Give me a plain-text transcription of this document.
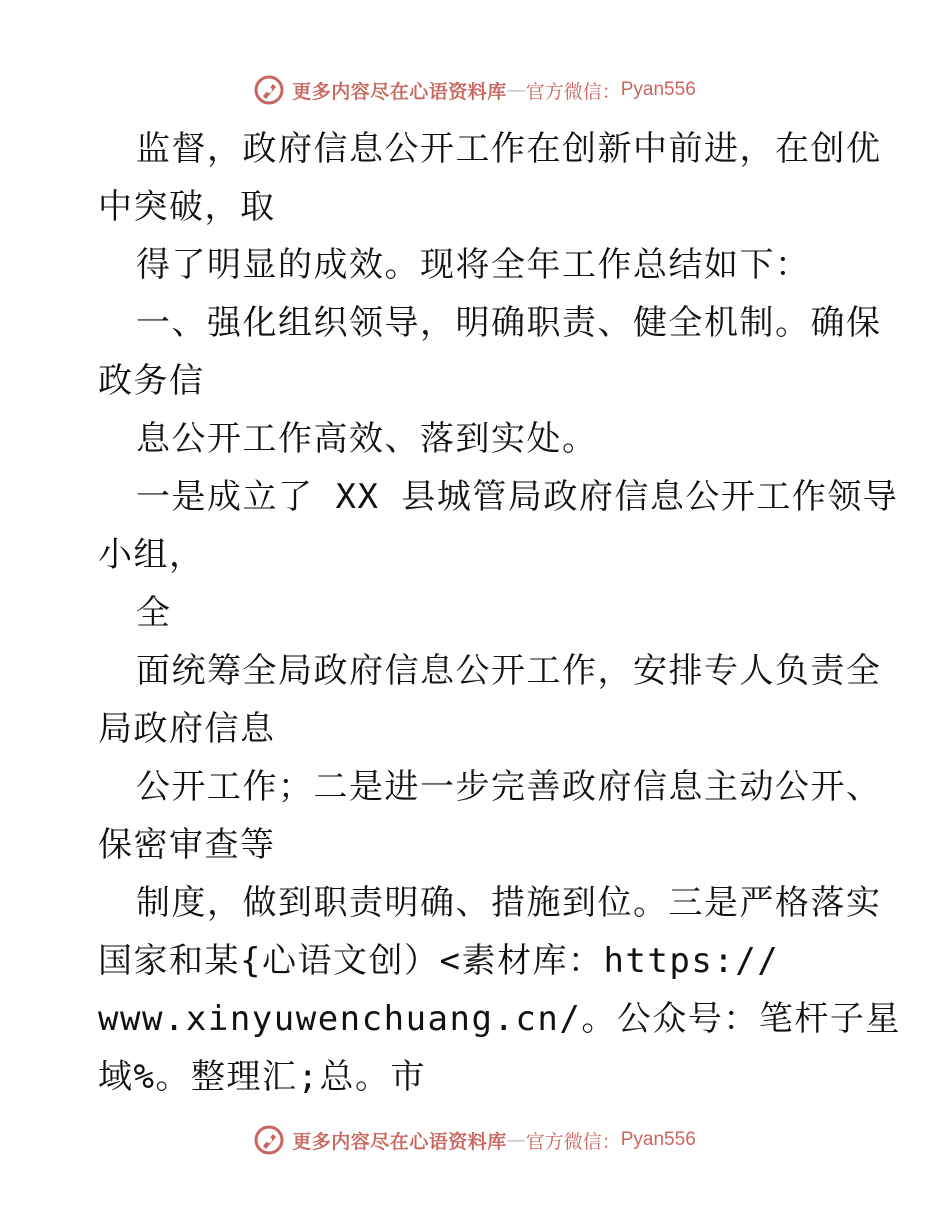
更多内容尽在心语资料库 — 官方微信： Pyan556
监督，政府信息公开工作在创新中前进，在创优
中突破，取
得了明显的成效。现将全年工作总结如下：
一、强化组织领导，明确职责、健全机制。确保
政务信
息公开工作高效、落到实处。
一是成立了 XX 县城管局政府信息公开工作领导
小组，
全
面统筹全局政府信息公开工作，安排专人负责全
局政府信息
公开工作；二是进一步完善政府信息主动公开、
保密审查等
制度，做到职责明确、措施到位。三是严格落实
国家和某{心语文创）<素材库：https://
www.xinyuwenchuang.cn/。公众号：笔杆子星
域%。整理汇;总。市
更多内容尽在心语资料库 — 官方微信： Pyan556
